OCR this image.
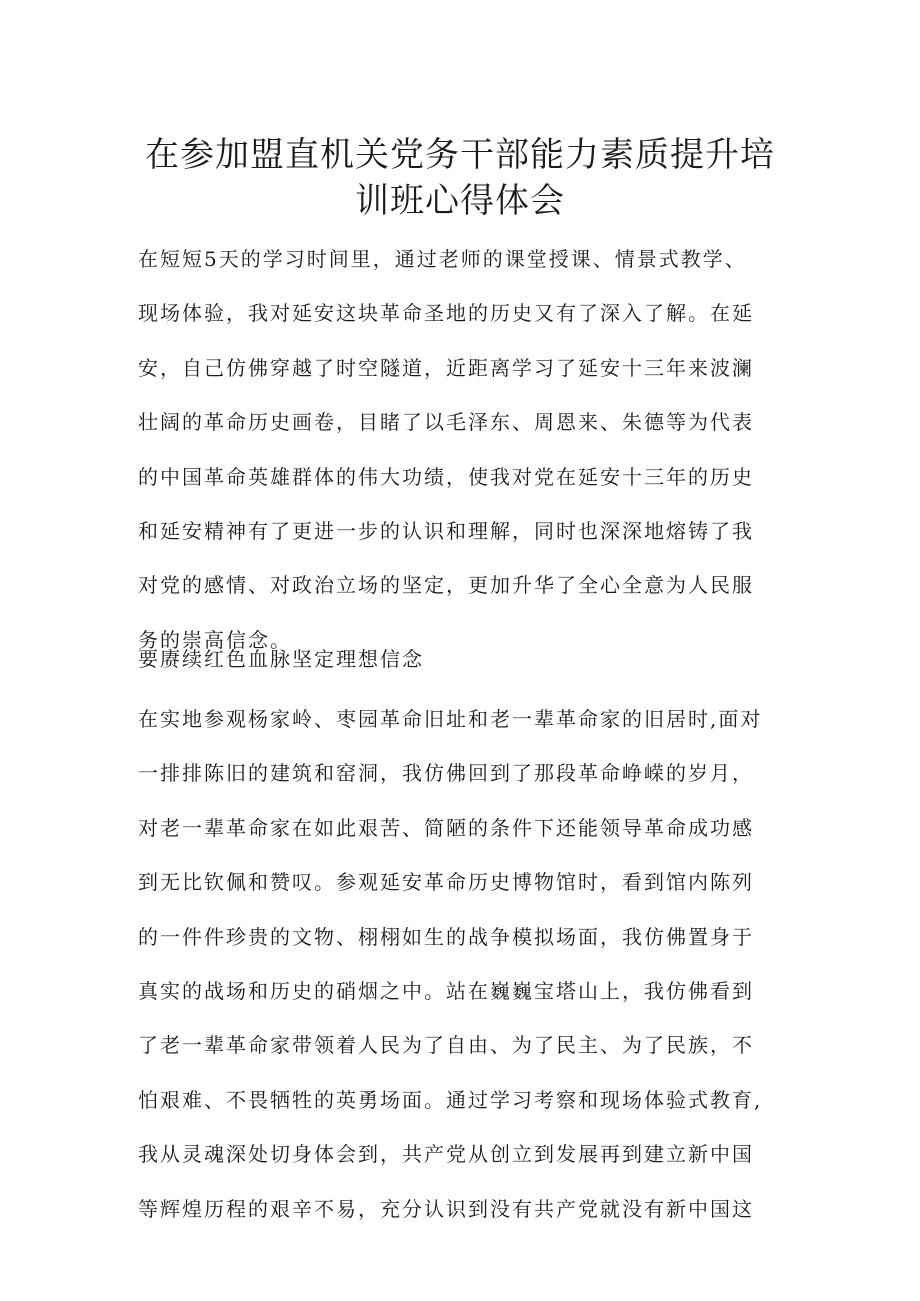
在参加盟直机关党务干部能力素质提升培
训班心得体会
在短短5天的学习时间里，通过老师的课堂授课、情景式教学、
现场体验，我对延安这块革命圣地的历史又有了深入了解。在延
安，自己仿佛穿越了时空隧道，近距离学习了延安十三年来波澜
壮阔的革命历史画卷，目睹了以毛泽东、周恩来、朱德等为代表
的中国革命英雄群体的伟大功绩，使我对党在延安十三年的历史
和延安精神有了更进一步的认识和理解，同时也深深地熔铸了我
对党的感情、对政治立场的坚定，更加升华了全心全意为人民服
务的崇高信念。
要赓续红色血脉坚定理想信念
在实地参观杨家岭、枣园革命旧址和老一辈革命家的旧居时,面对
一排排陈旧的建筑和窑洞，我仿佛回到了那段革命峥嵘的岁月，
对老一辈革命家在如此艰苦、简陋的条件下还能领导革命成功感
到无比钦佩和赞叹。参观延安革命历史博物馆时，看到馆内陈列
的一件件珍贵的文物、栩栩如生的战争模拟场面，我仿佛置身于
真实的战场和历史的硝烟之中。站在巍巍宝塔山上，我仿佛看到
了老一辈革命家带领着人民为了自由、为了民主、为了民族，不
怕艰难、不畏牺牲的英勇场面。通过学习考察和现场体验式教育,
我从灵魂深处切身体会到，共产党从创立到发展再到建立新中国
等辉煌历程的艰辛不易，充分认识到没有共产党就没有新中国这
